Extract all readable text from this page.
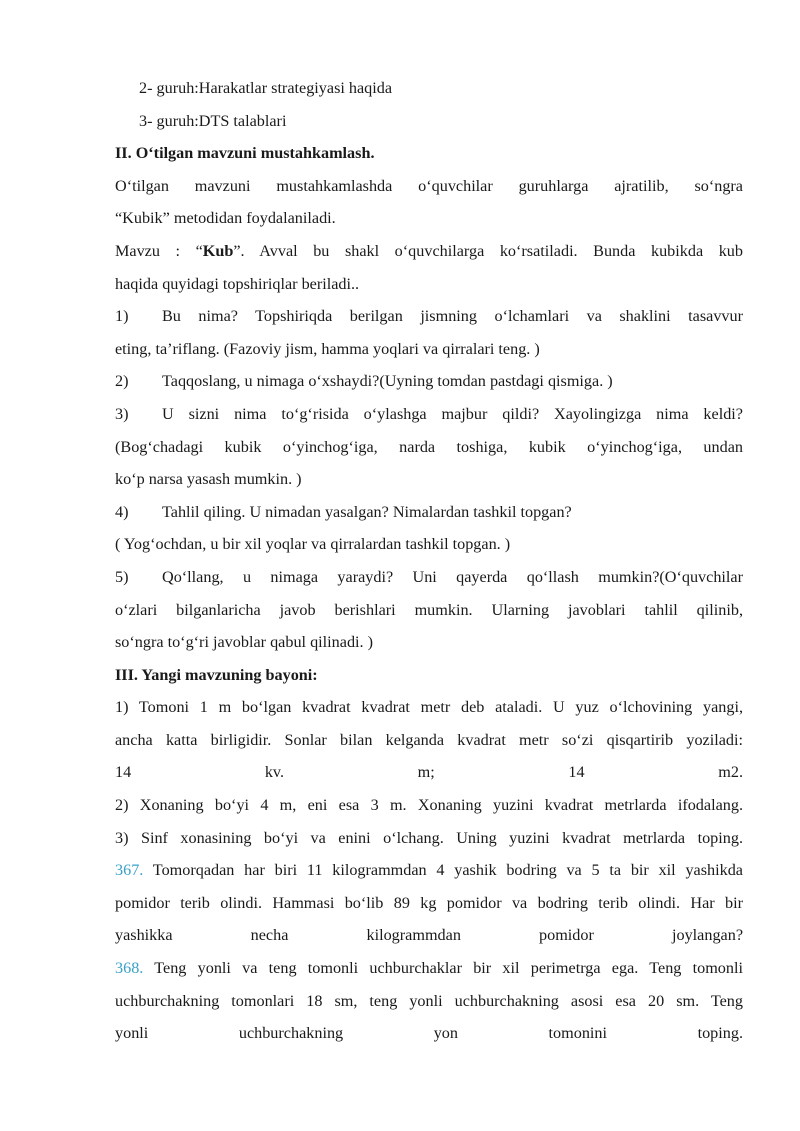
2- guruh:Harakatlar strategiyasi haqida

3- guruh:DTS talablari

II. O‘tilgan mavzuni mustahkamlash.

O‘tilgan mavzuni mustahkamlashda o‘quvchilar guruhlarga ajratilib, so‘ngra

“Kubik” metodidan foydalaniladi.

Mavzu : “Kub”. Avval bu shakl o‘quvchilarga ko‘rsatiladi. Bunda kubikda kub

haqida quyidagi topshiriqlar beriladi..

1) Bu nima? Topshiriqda berilgan jismning o‘lchamlari va shaklini tasavvur

eting, ta’riflang. (Fazoviy jism, hamma yoqlari va qirralari teng. )

2) Taqqoslang, u nimaga o‘xshaydi?(Uyning tomdan pastdagi qismiga. )

3) U sizni nima to‘g‘risida o‘ylashga majbur qildi? Xayolingizga nima keldi?

(Bog‘chadagi kubik o‘yinchog‘iga, narda toshiga, kubik o‘yinchog‘iga, undan

ko‘p narsa yasash mumkin. )

4) Tahlil qiling. U nimadan yasalgan? Nimalardan tashkil topgan?

( Yog‘ochdan, u bir xil yoqlar va qirralardan tashkil topgan. )

5) Qo‘llang, u nimaga yaraydi? Uni qayerda qo‘llash mumkin?(O‘quvchilar

o‘zlari bilganlaricha javob berishlari mumkin. Ularning javoblari tahlil qilinib,

so‘ngra to‘g‘ri javoblar qabul qilinadi. )

III. Yangi mavzuning bayoni:

1) Tomoni 1 m bo‘lgan kvadrat kvadrat metr deb ataladi. U yuz o‘lchovining yangi,

ancha katta birligidir. Sonlar bilan kelganda kvadrat metr so‘zi qisqartirib yoziladi:

14 kv. m; 14 m2.

2) Xonaning bo‘yi 4 m, eni esa 3 m. Xonaning yuzini kvadrat metrlarda ifodalang.

3) Sinf xonasining bo‘yi va enini o‘lchang. Uning yuzini kvadrat metrlarda toping.

367. Tomorqadan har biri 11 kilogrammdan 4 yashik bodring va 5 ta bir xil yashikda

pomidor terib olindi. Hammasi bo‘lib 89 kg pomidor va bodring terib olindi. Har bir

yashikka necha kilogrammdan pomidor joylangan?

368. Teng yonli va teng tomonli uchburchaklar bir xil perimetrga ega. Teng tomonli

uchburchakning tomonlari 18 sm, teng yonli uchburchakning asosi esa 20 sm. Teng

yonli uchburchakning yon tomonini toping.
